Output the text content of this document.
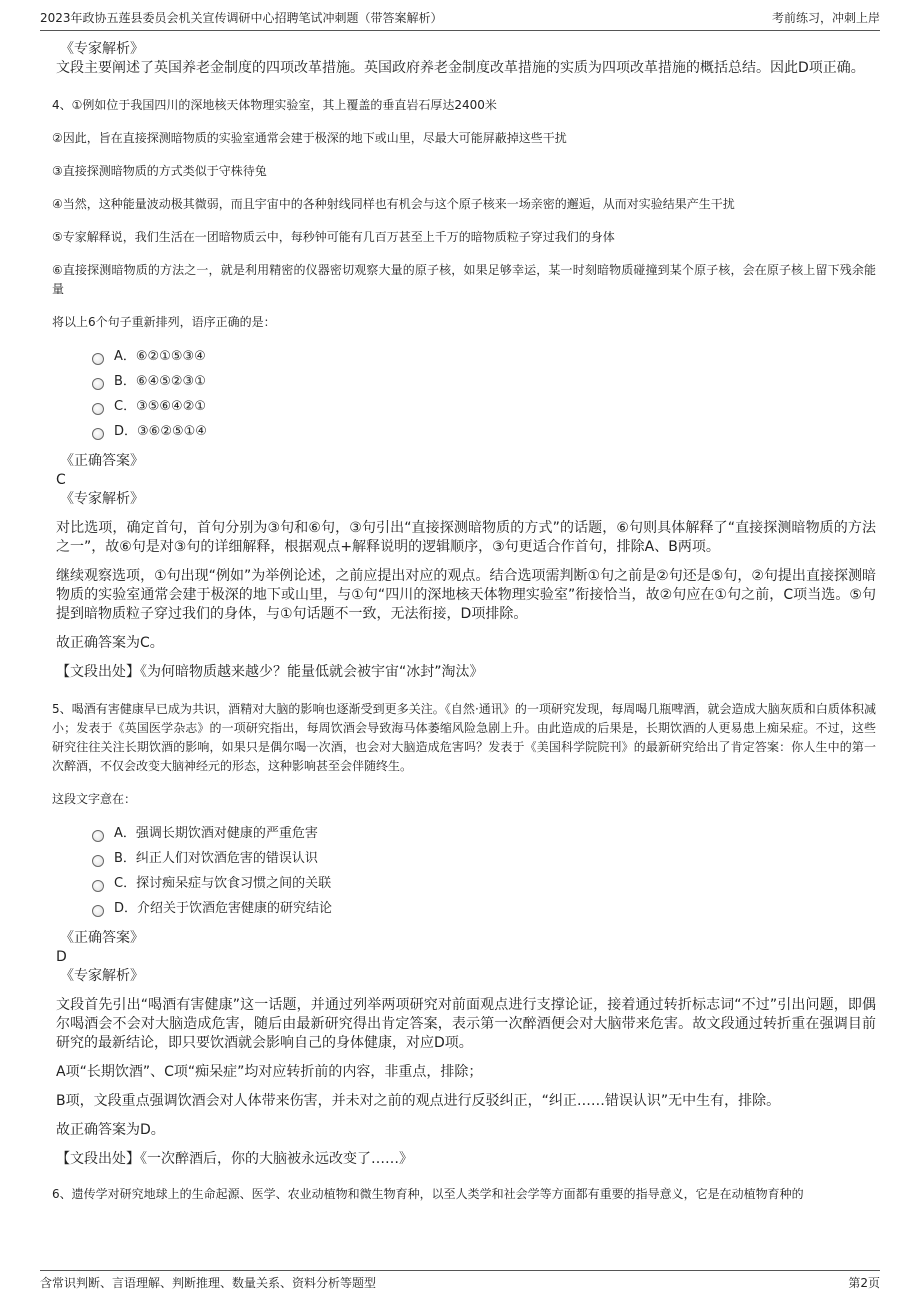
2023年政协五莲县委员会机关宣传调研中心招聘笔试冲刺题（带答案解析）	考前练习，冲刺上岸

《专家解析》

文段主要阐述了英国养老金制度的四项改革措施。英国政府养老金制度改革措施的实质为四项改革措施的概括总结。因此D项正确。

4、①例如位于我国四川的深地核天体物理实验室，其上覆盖的垂直岩石厚达2400米

②因此，旨在直接探测暗物质的实验室通常会建于极深的地下或山里，尽最大可能屏蔽掉这些干扰

③直接探测暗物质的方式类似于守株待兔

④当然，这种能量波动极其微弱，而且宇宙中的各种射线同样也有机会与这个原子核来一场亲密的邂逅，从而对实验结果产生干扰

⑤专家解释说，我们生活在一团暗物质云中，每秒钟可能有几百万甚至上千万的暗物质粒子穿过我们的身体

⑥直接探测暗物质的方法之一，就是利用精密的仪器密切观察大量的原子核，如果足够幸运，某一时刻暗物质碰撞到某个原子核，会在原子核上留下残余能量

将以上6个句子重新排列，语序正确的是：

A．⑥②①⑤③④
B．⑥④⑤②③①
C．③⑤⑥④②①
D．③⑥②⑤①④

《正确答案》

C

《专家解析》

对比选项，确定首句，首句分别为③句和⑥句，③句引出“直接探测暗物质的方式”的话题，⑥句则具体解释了“直接探测暗物质的方法之一”，故⑥句是对③句的详细解释，根据观点+解释说明的逻辑顺序，③句更适合作首句，排除A、B两项。

继续观察选项，①句出现“例如”为举例论述，之前应提出对应的观点。结合选项需判断①句之前是②句还是⑤句，②句提出直接探测暗物质的实验室通常会建于极深的地下或山里，与①句“四川的深地核天体物理实验室”衔接恰当，故②句应在①句之前，C项当选。⑤句提到暗物质粒子穿过我们的身体，与①句话题不一致，无法衔接，D项排除。

故正确答案为C。

【文段出处】《为何暗物质越来越少？能量低就会被宇宙“冰封”淘汰》

5、喝酒有害健康早已成为共识，酒精对大脑的影响也逐渐受到更多关注。《自然·通讯》的一项研究发现，每周喝几瓶啤酒，就会造成大脑灰质和白质体积减小；发表于《英国医学杂志》的一项研究指出，每周饮酒会导致海马体萎缩风险急剧上升。由此造成的后果是，长期饮酒的人更易患上痴呆症。不过，这些研究往往关注长期饮酒的影响，如果只是偶尔喝一次酒，也会对大脑造成危害吗？发表于《美国科学院院刊》的最新研究给出了肯定答案：你人生中的第一次醉酒，不仅会改变大脑神经元的形态，这种影响甚至会伴随终生。

这段文字意在：

A．强调长期饮酒对健康的严重危害
B．纠正人们对饮酒危害的错误认识
C．探讨痴呆症与饮食习惯之间的关联
D．介绍关于饮酒危害健康的研究结论

《正确答案》

D

《专家解析》

文段首先引出“喝酒有害健康”这一话题，并通过列举两项研究对前面观点进行支撑论证，接着通过转折标志词“不过”引出问题，即偶尔喝酒会不会对大脑造成危害，随后由最新研究得出肯定答案，表示第一次醉酒便会对大脑带来危害。故文段通过转折重在强调目前研究的最新结论，即只要饮酒就会影响自己的身体健康，对应D项。

A项“长期饮酒”、C项“痴呆症”均对应转折前的内容，非重点，排除；

B项，文段重点强调饮酒会对人体带来伤害，并未对之前的观点进行反驳纠正，“纠正……错误认识”无中生有，排除。

故正确答案为D。

【文段出处】《一次醉酒后，你的大脑被永远改变了……》

6、遗传学对研究地球上的生命起源、医学、农业动植物和微生物育种，以至人类学和社会学等方面都有重要的指导意义，它是在动植物育种的

含常识判断、言语理解、判断推理、数量关系、资料分析等题型	第2页
